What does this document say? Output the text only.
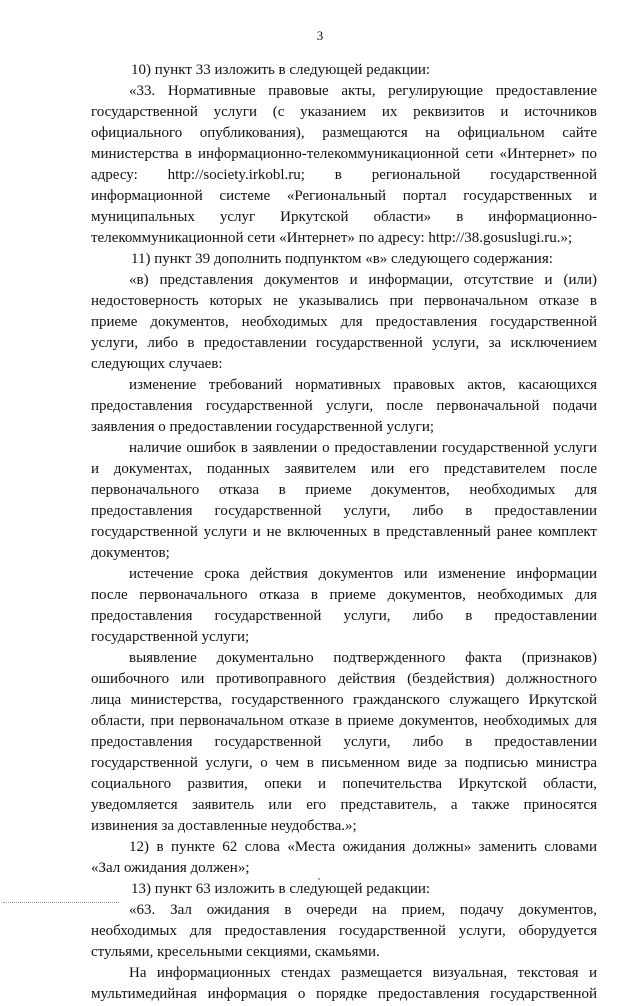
3
10) пункт 33 изложить в следующей редакции:
«33. Нормативные правовые акты, регулирующие предоставление
государственной услуги (с указанием их реквизитов и источников
официального опубликования), размещаются на официальном сайте
министерства в информационно-телекоммуникационной сети «Интернет» по
адресу: http://society.irkobl.ru; в региональной государственной
информационной системе «Региональный портал государственных и
муниципальных услуг Иркутской области» в информационно-
телекоммуникационной сети «Интернет» по адресу: http://38.gosuslugi.ru.»;
11) пункт 39 дополнить подпунктом «в» следующего содержания:
«в) представления документов и информации, отсутствие и (или)
недостоверность которых не указывались при первоначальном отказе в
приеме документов, необходимых для предоставления государственной
услуги, либо в предоставлении государственной услуги, за исключением
следующих случаев:
изменение требований нормативных правовых актов, касающихся
предоставления государственной услуги, после первоначальной подачи
заявления о предоставлении государственной услуги;
наличие ошибок в заявлении о предоставлении государственной услуги
и документах, поданных заявителем или его представителем после
первоначального отказа в приеме документов, необходимых для
предоставления государственной услуги, либо в предоставлении
государственной услуги и не включенных в представленный ранее комплект
документов;
истечение срока действия документов или изменение информации
после первоначального отказа в приеме документов, необходимых для
предоставления государственной услуги, либо в предоставлении
государственной услуги;
выявление документально подтвержденного факта (признаков)
ошибочного или противоправного действия (бездействия) должностного
лица министерства, государственного гражданского служащего Иркутской
области, при первоначальном отказе в приеме документов, необходимых для
предоставления государственной услуги, либо в предоставлении
государственной услуги, о чем в письменном виде за подписью министра
социального развития, опеки и попечительства Иркутской области,
уведомляется заявитель или его представитель, а также приносятся
извинения за доставленные неудобства.»;
12) в пункте 62 слова «Места ожидания должны» заменить словами
«Зал ожидания должен»;
13) пункт 63 изложить в следующей редакции:
«63. Зал ожидания в очереди на прием, подачу документов,
необходимых для предоставления государственной услуги, оборудуется
стульями, кресельными секциями, скамьями.
На информационных стендах размещается визуальная, текстовая и
мультимедийная информация о порядке предоставления государственной
